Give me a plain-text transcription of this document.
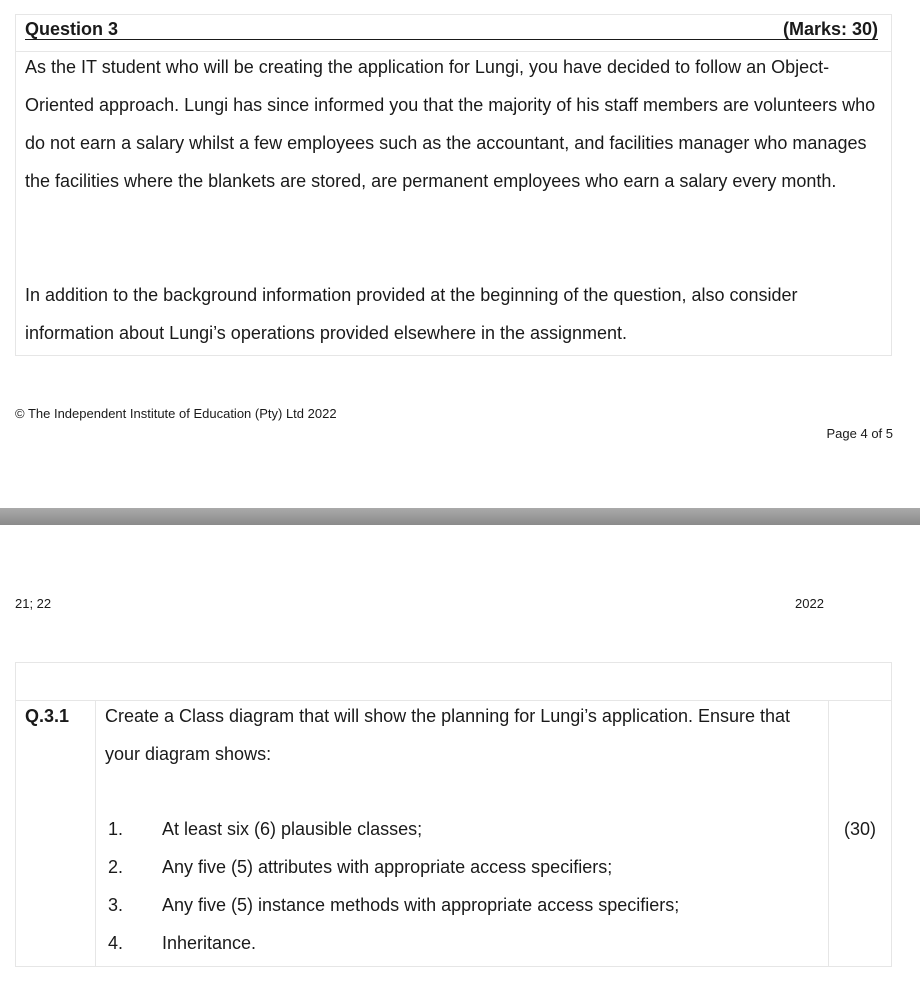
Question 3	(Marks: 30)
As the IT student who will be creating the application for Lungi, you have decided to follow an Object-Oriented approach. Lungi has since informed you that the majority of his staff members are volunteers who do not earn a salary whilst a few employees such as the accountant, and facilities manager who manages the facilities where the blankets are stored, are permanent employees who earn a salary every month.
In addition to the background information provided at the beginning of the question, also consider information about Lungi’s operations provided elsewhere in the assignment.
© The Independent Institute of Education (Pty) Ltd 2022
Page 4 of 5
21; 22	2022
Q.3.1 Create a Class diagram that will show the planning for Lungi’s application. Ensure that your diagram shows:
1. At least six (6) plausible classes;
2. Any five (5) attributes with appropriate access specifiers;
3. Any five (5) instance methods with appropriate access specifiers;
4. Inheritance.
(30)
